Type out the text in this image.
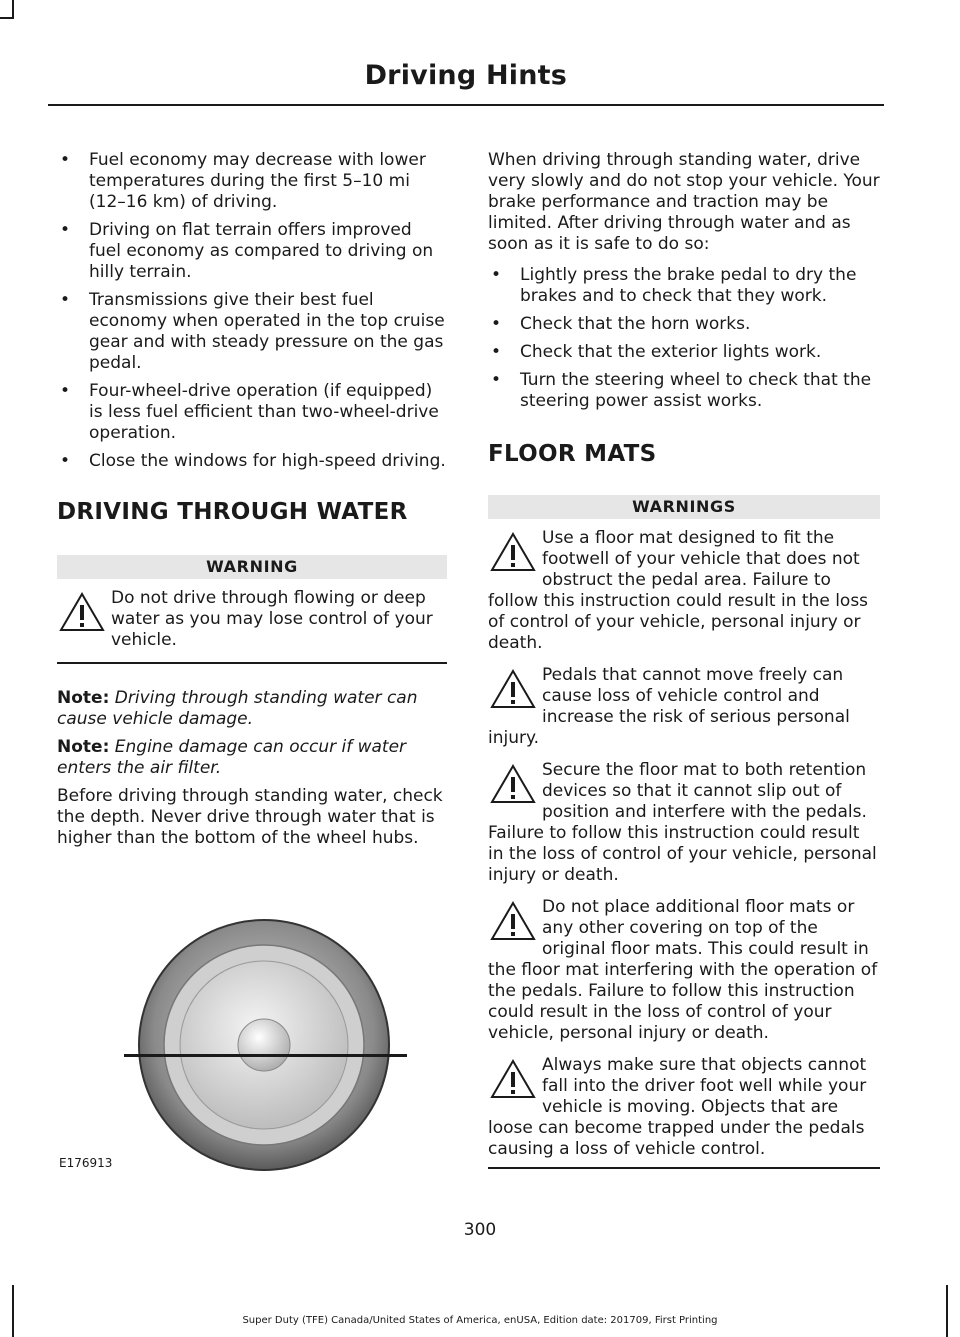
Driving Hints
• Fuel economy may decrease with lower temperatures during the first 5–10 mi (12–16 km) of driving.
• Driving on flat terrain offers improved fuel economy as compared to driving on hilly terrain.
• Transmissions give their best fuel economy when operated in the top cruise gear and with steady pressure on the gas pedal.
• Four-wheel-drive operation (if equipped) is less fuel efficient than two-wheel-drive operation.
• Close the windows for high-speed driving.
DRIVING THROUGH WATER
WARNING

Do not drive through flowing or deep water as you may lose control of your vehicle.

Note: Driving through standing water can cause vehicle damage.

Note: Engine damage can occur if water enters the air filter.

Before driving through standing water, check the depth. Never drive through water that is higher than the bottom of the wheel hubs.

E176913

When driving through standing water, drive very slowly and do not stop your vehicle. Your brake performance and traction may be limited. After driving through water and as soon as it is safe to do so:

• Lightly press the brake pedal to dry the brakes and to check that they work.
• Check that the horn works.
• Check that the exterior lights work.
• Turn the steering wheel to check that the steering power assist works.
FLOOR MATS
WARNINGS

Use a floor mat designed to fit the footwell of your vehicle that does not obstruct the pedal area. Failure to follow this instruction could result in the loss of control of your vehicle, personal injury or death.

Pedals that cannot move freely can cause loss of vehicle control and increase the risk of serious personal injury.

Secure the floor mat to both retention devices so that it cannot slip out of position and interfere with the pedals. Failure to follow this instruction could result in the loss of control of your vehicle, personal injury or death.

Do not place additional floor mats or any other covering on top of the original floor mats. This could result in the floor mat interfering with the operation of the pedals. Failure to follow this instruction could result in the loss of control of your vehicle, personal injury or death.

Always make sure that objects cannot fall into the driver foot well while your vehicle is moving. Objects that are loose can become trapped under the pedals causing a loss of vehicle control.

300
Super Duty (TFE) Canada/United States of America, enUSA, Edition date: 201709, First Printing
